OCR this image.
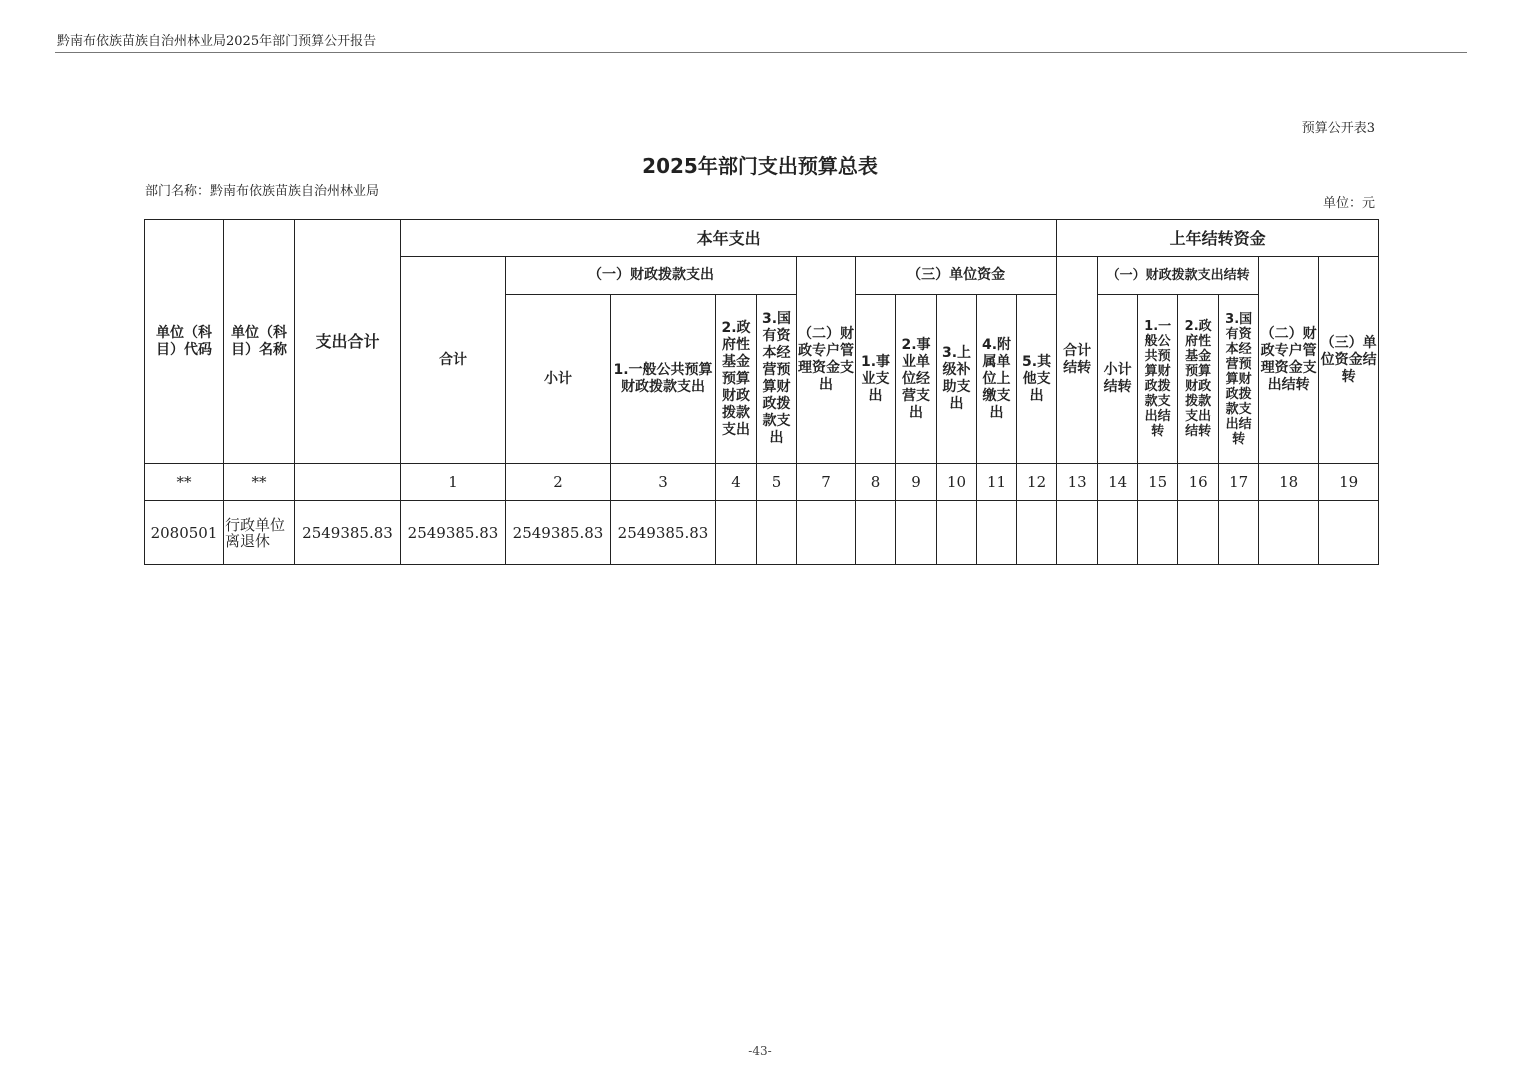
黔南布依族苗族自治州林业局2025年部门预算公开报告
预算公开表3
2025年部门支出预算总表
部门名称：黔南布依族苗族自治州林业局
单位：元
单位（科目）代码	单位（科目）名称	支出合计	本年支出											上年结转资金						
			合计	（一）财政拨款支出				（二）财政专户管理资金支出	（三）单位资金					合计结转	（一）财政拨款支出结转				（二）财政专户管理资金支出结转	（三）单位资金结转
				小计	1.一般公共预算财政拨款支出	2.政府性基金预算财政拨款支出	3.国有资本经营预算财政拨款支出		1.事业支出	2.事业单位经营支出	3.上级补助支出	4.附属单位上缴支出	5.其他支出		小计结转	1.一般公共预算财政拨款支出结转	2.政府性基金预算财政拨款支出结转	3.国有资本经营预算财政拨款支出结转		
**	**		1	2	3	4	5	7	8	9	10	11	12	13	14	15	16	17	18	19
2080501	行政单位离退休	2549385.83	2549385.83	2549385.83	2549385.83															
-43-
